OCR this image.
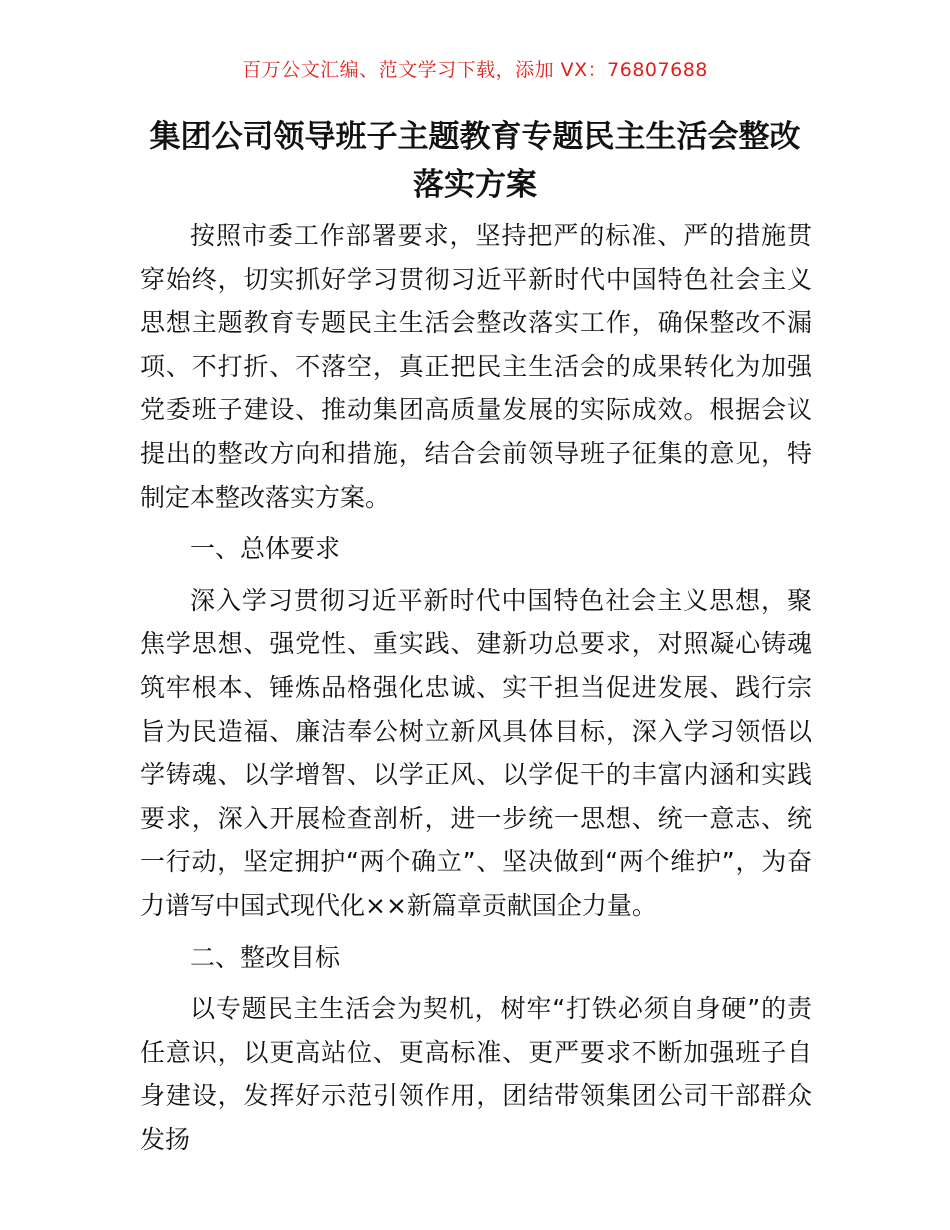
百万公文汇编、范文学习下载，添加 VX：76807688
集团公司领导班子主题教育专题民主生活会整改落实方案

按照市委工作部署要求，坚持把严的标准、严的措施贯穿始终，切实抓好学习贯彻习近平新时代中国特色社会主义思想主题教育专题民主生活会整改落实工作，确保整改不漏项、不打折、不落空，真正把民主生活会的成果转化为加强党委班子建设、推动集团高质量发展的实际成效。根据会议提出的整改方向和措施，结合会前领导班子征集的意见，特制定本整改落实方案。

一、总体要求

深入学习贯彻习近平新时代中国特色社会主义思想，聚焦学思想、强党性、重实践、建新功总要求，对照凝心铸魂筑牢根本、锤炼品格强化忠诚、实干担当促进发展、践行宗旨为民造福、廉洁奉公树立新风具体目标，深入学习领悟以学铸魂、以学增智、以学正风、以学促干的丰富内涵和实践要求，深入开展检查剖析，进一步统一思想、统一意志、统一行动，坚定拥护“两个确立”、坚决做到“两个维护”，为奋力谱写中国式现代化××新篇章贡献国企力量。

二、整改目标

以专题民主生活会为契机，树牢“打铁必须自身硬”的责任意识，以更高站位、更高标准、更严要求不断加强班子自身建设，发挥好示范引领作用，团结带领集团公司干部群众发扬
